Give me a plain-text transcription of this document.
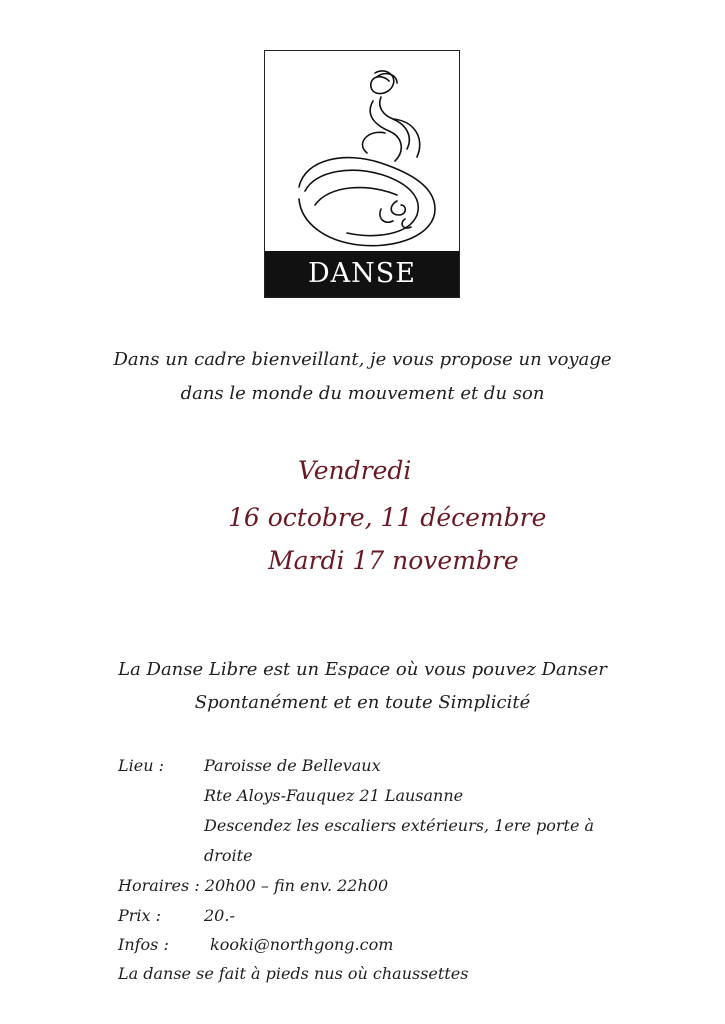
DANSE LIBRE
Dans un cadre bienveillant, je vous propose un voyage
dans le monde du mouvement et du son
Vendredi
16 octobre, 11 décembre
Mardi 17 novembre
La Danse Libre est un Espace où vous pouvez Danser
Spontanément et en toute Simplicité
Lieu :	Paroisse de Bellevaux
Rte Aloys-Fauquez 21 Lausanne
Descendez les escaliers extérieurs, 1ere porte à
droite
Horaires : 20h00 – fin env. 22h00
Prix :	20.-
Infos :	kooki@northgong.com
La danse se fait à pieds nus où chaussettes
